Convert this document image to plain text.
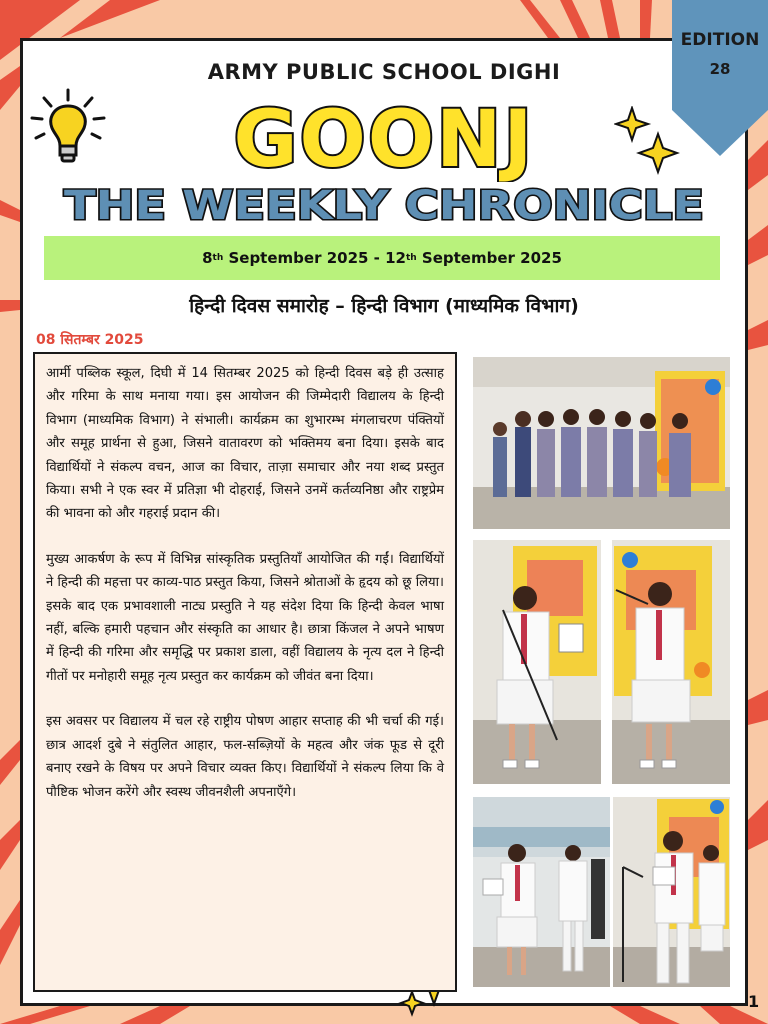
EDITION
28
ARMY PUBLIC SCHOOL DIGHI
GOONJ
THE WEEKLY CHRONICLE
8 th September 2025 - 12 th September 2025
हिन्दी दिवस समारोह – हिन्दी विभाग (माध्यमिक विभाग)
08 सितम्बर 2025

आर्मी पब्लिक स्कूल, दिघी में 14 सितम्बर 2025 को हिन्दी दिवस बड़े ही उत्साह और गरिमा के साथ मनाया गया। इस आयोजन की जिम्मेदारी विद्यालय के हिन्दी विभाग (माध्यमिक विभाग) ने संभाली। कार्यक्रम का शुभारम्भ मंगलाचरण पंक्तियों और समूह प्रार्थना से हुआ, जिसने वातावरण को भक्तिमय बना दिया। इसके बाद विद्यार्थियों ने संकल्प वचन, आज का विचार, ताज़ा समाचार और नया शब्द प्रस्तुत किया। सभी ने एक स्वर में प्रतिज्ञा भी दोहराई, जिसने उनमें कर्तव्यनिष्ठा और राष्ट्रप्रेम की भावना को और गहराई प्रदान की।

मुख्य आकर्षण के रूप में विभिन्न सांस्कृतिक प्रस्तुतियाँ आयोजित की गईं। विद्यार्थियों ने हिन्दी की महत्ता पर काव्य-पाठ प्रस्तुत किया, जिसने श्रोताओं के हृदय को छू लिया। इसके बाद एक प्रभावशाली नाट्य प्रस्तुति ने यह संदेश दिया कि हिन्दी केवल भाषा नहीं, बल्कि हमारी पहचान और संस्कृति का आधार है। छात्रा किंजल ने अपने भाषण में हिन्दी की गरिमा और समृद्धि पर प्रकाश डाला, वहीं विद्यालय के नृत्य दल ने हिन्दी गीतों पर मनोहारी समूह नृत्य प्रस्तुत कर कार्यक्रम को जीवंत बना दिया।

इस अवसर पर विद्यालय में चल रहे राष्ट्रीय पोषण आहार सप्ताह की भी चर्चा की गई। छात्र आदर्श दुबे ने संतुलित आहार, फल-सब्ज़ियों के महत्व और जंक फूड से दूरी बनाए रखने के विषय पर अपने विचार व्यक्त किए। विद्यार्थियों ने संकल्प लिया कि वे पौष्टिक भोजन करेंगे और स्वस्थ जीवनशैली अपनाएँगे।

1
